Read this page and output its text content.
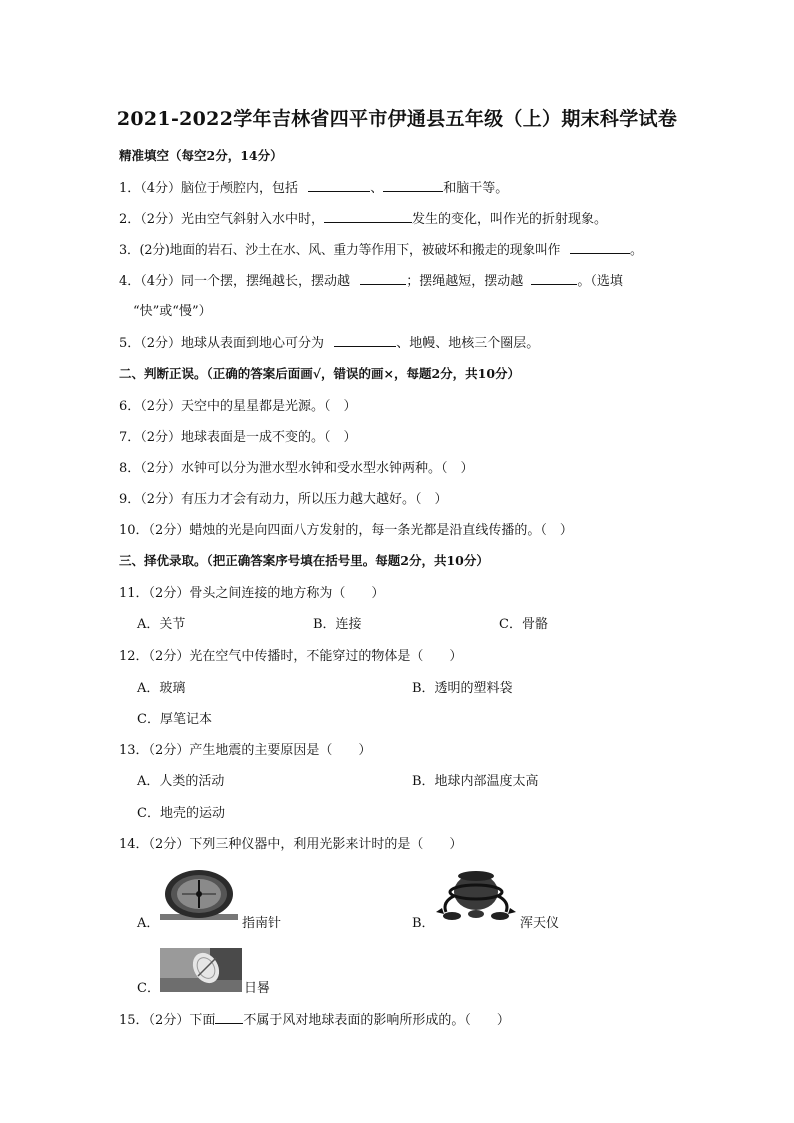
2021-2022学年吉林省四平市伊通县五年级（上）期末科学试卷
精准填空（每空2分，14分）
1．（4分）脑位于颅腔内，包括	、	和脑干等。
2．（2分）光由空气斜射入水中时，	发生的变化，叫作光的折射现象。
3．(2分)地面的岩石、沙土在水、风、重力等作用下，被破坏和搬走的现象叫作	。
4．（4分）同一个摆，摆绳越长，摆动越	；摆绳越短，摆动越	。（选填
“快”或“慢”）
5．（2分）地球从表面到地心可分为	、地幔、地核三个圈层。
二、判断正误。（正确的答案后面画√，错误的画×，每题2分，共10分）
6．（2分）天空中的星星都是光源。（　）
7．（2分）地球表面是一成不变的。（　）
8．（2分）水钟可以分为泄水型水钟和受水型水钟两种。（　）
9．（2分）有压力才会有动力，所以压力越大越好。（　）
10．（2分）蜡烛的光是向四面八方发射的，每一条光都是沿直线传播的。（　）
三、择优录取。（把正确答案序号填在括号里。每题2分，共10分）
11．（2分）骨头之间连接的地方称为（　　）
A．关节	B．连接	C．骨骼
12．（2分）光在空气中传播时，不能穿过的物体是（　　）
A．玻璃	B．透明的塑料袋
C．厚笔记本
13．（2分）产生地震的主要原因是（　　）
A．人类的活动	B．地球内部温度太高
C．地壳的运动
14．（2分）下列三种仪器中，利用光影来计时的是（　　）
A．	指南针	B．	浑天仪
C．	日晷
15．（2分）下面 不属于风对地球表面的影响所形成的。（　　）
